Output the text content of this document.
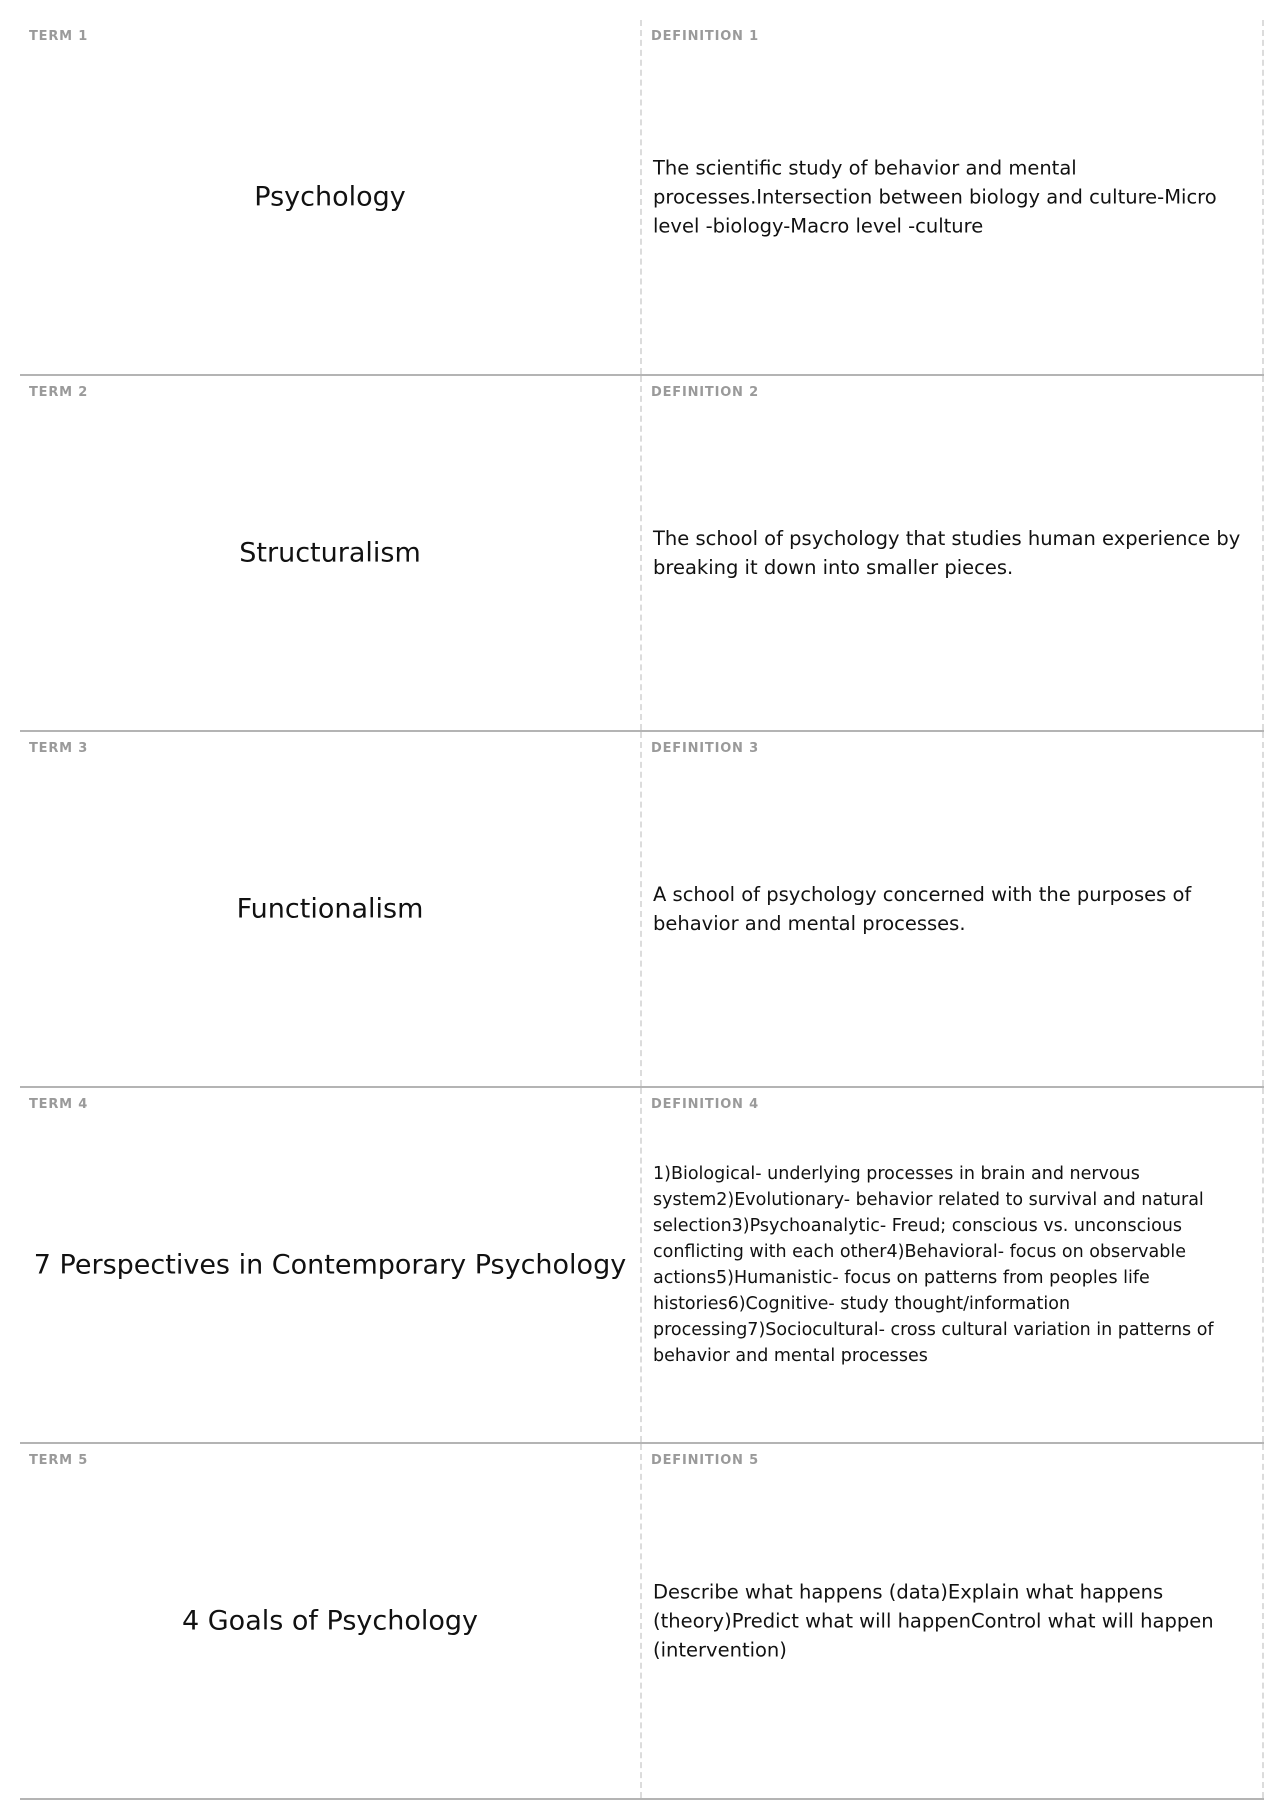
TERM 1
Psychology
DEFINITION 1
The scientific study of behavior and mental processes.Intersection between biology and culture-Micro level -biology-Macro level -culture
TERM 2
Structuralism
DEFINITION 2
The school of psychology that studies human experience by breaking it down into smaller pieces.
TERM 3
Functionalism
DEFINITION 3
A school of psychology concerned with the purposes of behavior and mental processes.
TERM 4
7 Perspectives in Contemporary Psychology
DEFINITION 4
1)Biological- underlying processes in brain and nervous system2)Evolutionary- behavior related to survival and natural selection3)Psychoanalytic- Freud; conscious vs. unconscious conflicting with each other4)Behavioral- focus on observable actions5)Humanistic- focus on patterns from peoples life histories6)Cognitive- study thought/information processing7)Sociocultural- cross cultural variation in patterns of behavior and mental processes
TERM 5
4 Goals of Psychology
DEFINITION 5
Describe what happens (data)Explain what happens (theory)Predict what will happenControl what will happen (intervention)
